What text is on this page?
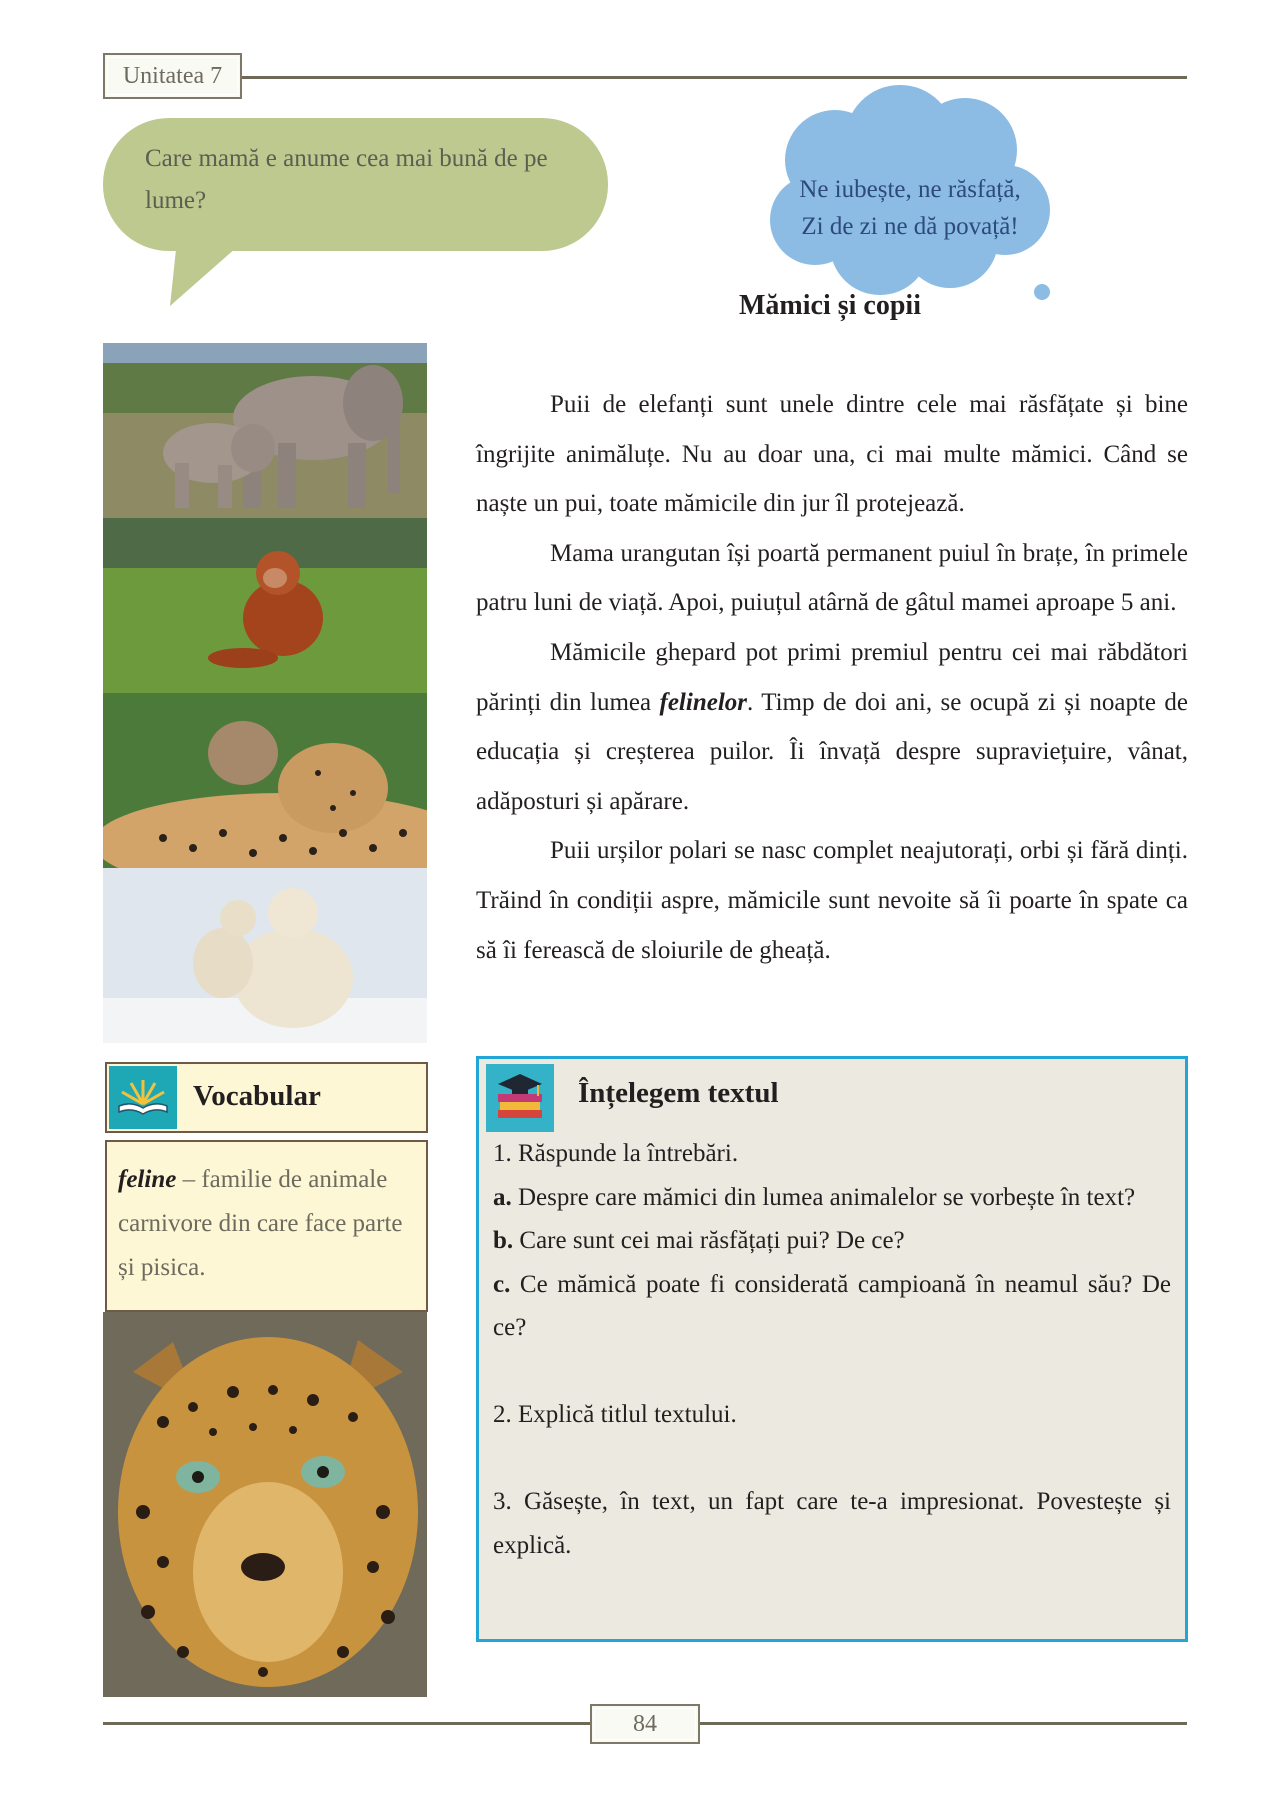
Unitatea 7
Care mamă e anume cea mai bună de pe lume?	Ne iubește, ne răsfață,
Zi de zi ne dă povață!
Mămici și copii

Puii de elefanți sunt unele dintre cele mai răsfățate și bine îngrijite animăluțe. Nu au doar una, ci mai multe mămici. Când se naște un pui, toate mămicile din jur îl protejează.

Mama urangutan își poartă permanent puiul în brațe, în primele patru luni de viață. Apoi, puiuțul atârnă de gâtul mamei aproape 5 ani.

Mămicile ghepard pot primi premiul pentru cei mai răbdători părinți din lumea felinelor. Timp de doi ani, se ocupă zi și noapte de educația și creșterea puilor. Îi învață despre supraviețuire, vânat, adăposturi și apărare.

Puii urșilor polari se nasc complet neajutorați, orbi și fără dinți. Trăind în condiții aspre, mămicile sunt nevoite să îi poarte în spate ca să îi ferească de sloiurile de gheață.

Vocabular
feline – familie de animale carnivore din care face parte și pisica.
Înțelegem textul

1. Răspunde la întrebări.

a. Despre care mămici din lumea animalelor se vorbește în text?

b. Care sunt cei mai răsfățați pui? De ce?

c. Ce mămică poate fi considerată campioană în neamul său? De ce?

2. Explică titlul textului.

3. Găsește, în text, un fapt care te-a impresionat. Povestește și explică.

84
